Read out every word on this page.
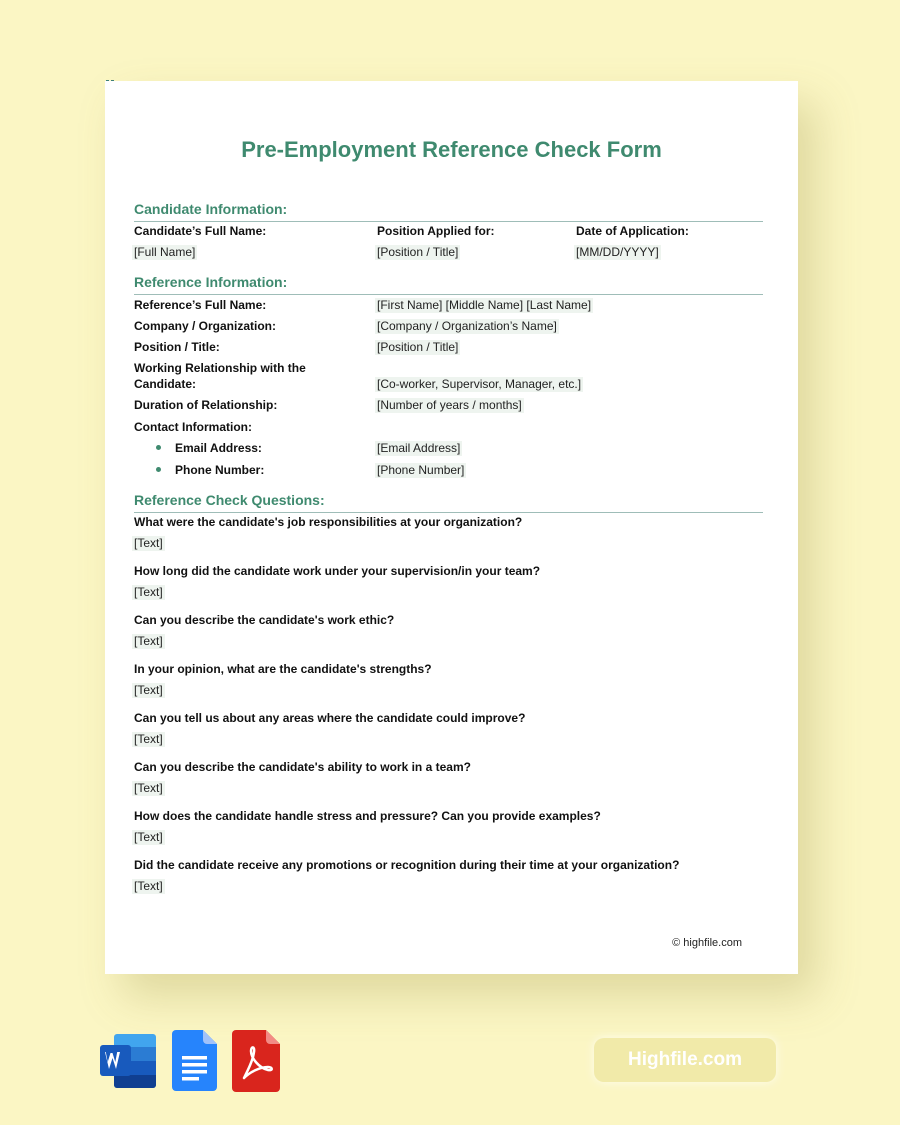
Pre-Employment Reference Check Form
Candidate Information:
Candidate’s Full Name:	Position Applied for:	Date of Application:
[Full Name]	[Position / Title]	[MM/DD/YYYY]
Reference Information:
Reference’s Full Name:	[First Name] [Middle Name] [Last Name]
Company / Organization:	[Company / Organization’s Name]
Position / Title:	[Position / Title]
Working Relationship with the
Candidate:	[Co-worker, Supervisor, Manager, etc.]
Duration of Relationship:	[Number of years / months]
Contact Information:
Email Address:	[Email Address]
Phone Number:	[Phone Number]
Reference Check Questions:
What were the candidate's job responsibilities at your organization?
[Text]
How long did the candidate work under your supervision/in your team?
[Text]
Can you describe the candidate's work ethic?
[Text]
In your opinion, what are the candidate's strengths?
[Text]
Can you tell us about any areas where the candidate could improve?
[Text]
Can you describe the candidate's ability to work in a team?
[Text]
How does the candidate handle stress and pressure? Can you provide examples?
[Text]
Did the candidate receive any promotions or recognition during their time at your organization?
[Text]
© highfile.com
Highfile.com
